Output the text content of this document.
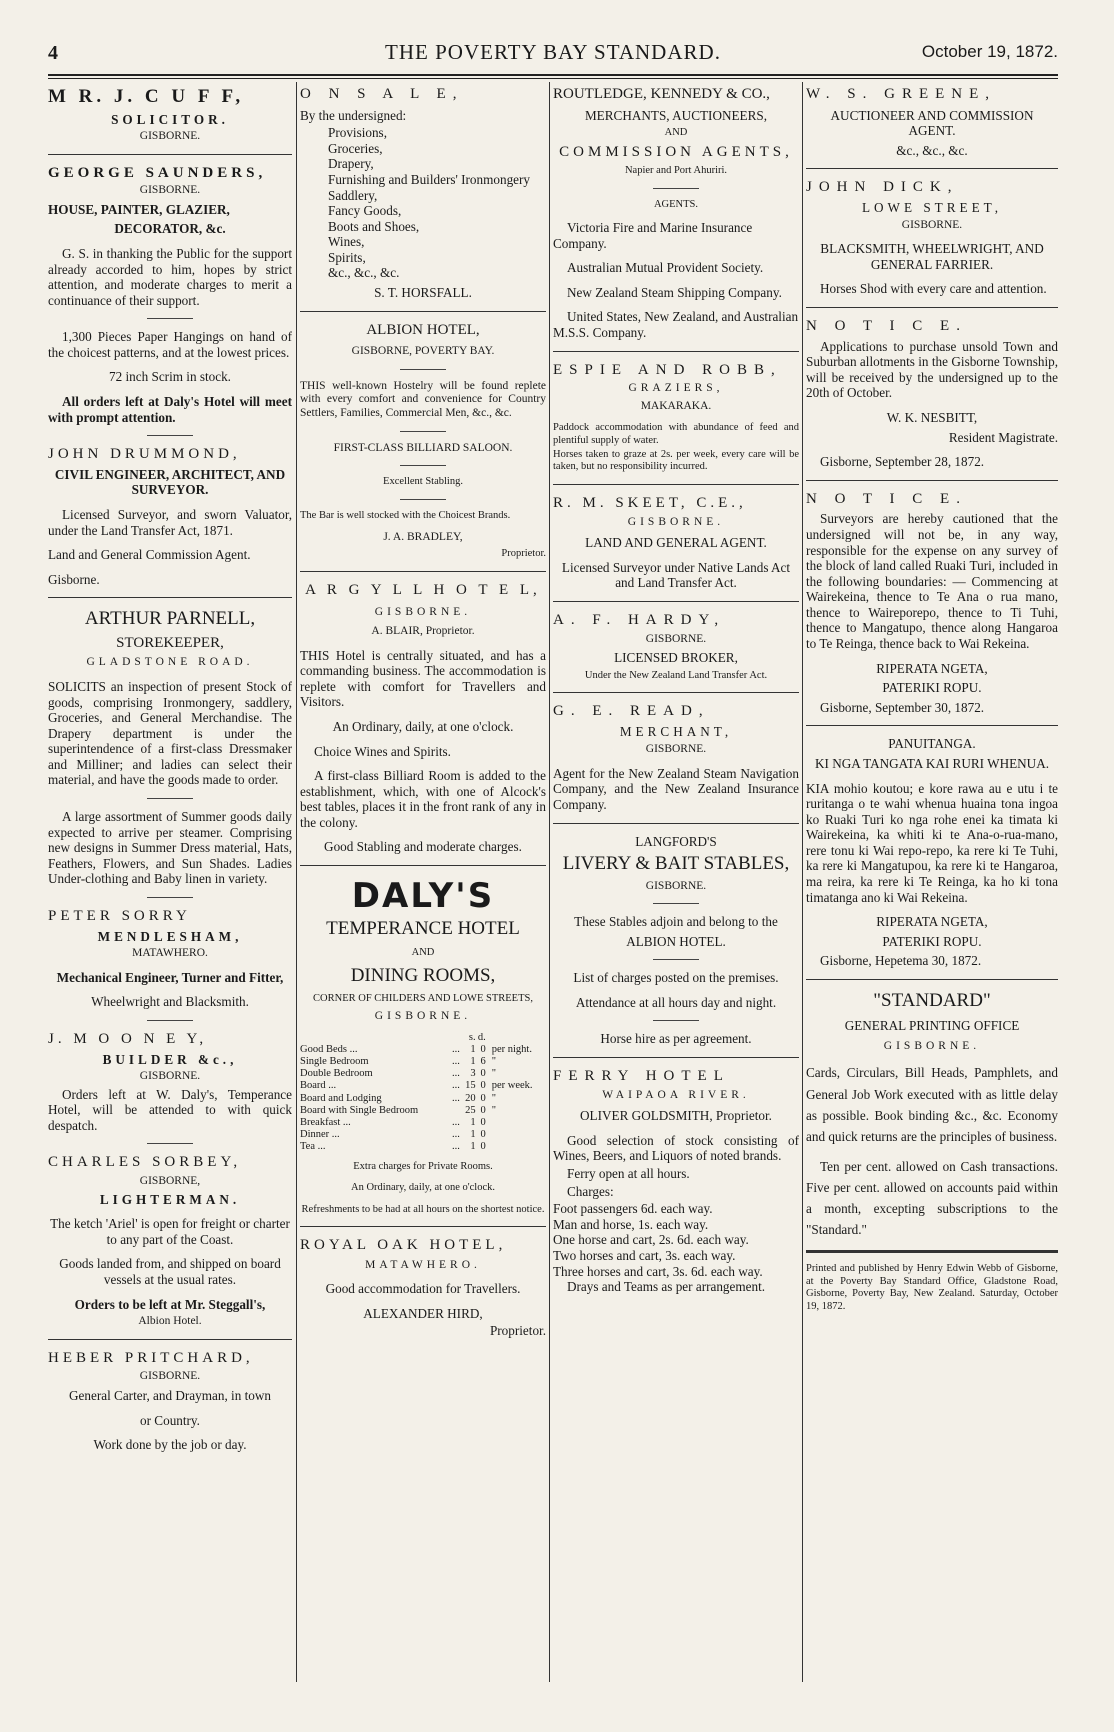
4	THE POVERTY BAY STANDARD.	October 19, 1872.

M R. J. C U F F,

SOLICITOR.

GISBORNE.

GEORGE SAUNDERS,

GISBORNE.

HOUSE, PAINTER, GLAZIER,

DECORATOR, &c.

G. S. in thanking the Public for the support already accorded to him, hopes by strict attention, and moderate charges to merit a continuance of their support.

1,300 Pieces Paper Hangings on hand of the choicest patterns, and at the lowest prices.

72 inch Scrim in stock.

All orders left at Daly's Hotel will meet with prompt attention.

JOHN DRUMMOND,

CIVIL ENGINEER, ARCHITECT, AND SURVEYOR.

Licensed Surveyor, and sworn Valuator, under the Land Transfer Act, 1871.

Land and General Commission Agent.

Gisborne.

ARTHUR PARNELL,

STOREKEEPER,

GLADSTONE ROAD.

SOLICITS an inspection of present Stock of goods, comprising Ironmongery, saddlery, Groceries, and General Merchandise. The Drapery department is under the superintendence of a first-class Dressmaker and Milliner; and ladies can select their material, and have the goods made to order.

A large assortment of Summer goods daily expected to arrive per steamer. Comprising new designs in Summer Dress material, Hats, Feathers, Flowers, and Sun Shades. Ladies Under-clothing and Baby linen in variety.

PETER SORRY

MENDLESHAM,

MATAWHERO.

Mechanical Engineer, Turner and Fitter,

Wheelwright and Blacksmith.

J. M O O N E Y,

BUILDER &c.,

GISBORNE.

Orders left at W. Daly's, Temperance Hotel, will be attended to with quick despatch.

CHARLES SORBEY,

GISBORNE,

LIGHTERMAN.

The ketch 'Ariel' is open for freight or charter to any part of the Coast.

Goods landed from, and shipped on board vessels at the usual rates.

Orders to be left at Mr. Steggall's,

Albion Hotel.

HEBER PRITCHARD,

GISBORNE.

General Carter, and Drayman, in town

or Country.

Work done by the job or day.

O N S A L E,

By the undersigned:

Provisions,

Groceries,

Drapery,

Furnishing and Builders' Ironmongery

Saddlery,

Fancy Goods,

Boots and Shoes,

Wines,

Spirits,

&c., &c., &c.

S. T. HORSFALL.

ALBION HOTEL,

GISBORNE, POVERTY BAY.

THIS well-known Hostelry will be found replete with every comfort and convenience for Country Settlers, Families, Commercial Men, &c., &c.

FIRST-CLASS BILLIARD SALOON.

Excellent Stabling.

The Bar is well stocked with the Choicest Brands.

J. A. BRADLEY,

Proprietor.

A R G Y L L H O T E L,

GISBORNE.

A. BLAIR, Proprietor.

THIS Hotel is centrally situated, and has a commanding business. The accommodation is replete with comfort for Travellers and Visitors.

An Ordinary, daily, at one o'clock.

Choice Wines and Spirits.

A first-class Billiard Room is added to the establishment, which, with one of Alcock's best tables, places it in the front rank of any in the colony.

Good Stabling and moderate charges.

DALY'S

TEMPERANCE HOTEL

AND

DINING ROOMS,

CORNER OF CHILDERS AND LOWE STREETS,

GISBORNE.

		s.	d.	
Good Beds ...	...	1	0	per night.
Single Bedroom	...	1	6	"
Double Bedroom	...	3	0	"
Board ...	...	15	0	per week.
Board and Lodging	...	20	0	"
Board with Single Bedroom		25	0	"
Breakfast ...	...	1	0	
Dinner ...	...	1	0	
Tea ...	...	1	0	

Extra charges for Private Rooms.

An Ordinary, daily, at one o'clock.

Refreshments to be had at all hours on the shortest notice.

ROYAL OAK HOTEL,

MATAWHERO.

Good accommodation for Travellers.

ALEXANDER HIRD,

Proprietor.

ROUTLEDGE, KENNEDY & CO.,

MERCHANTS, AUCTIONEERS,

AND

COMMISSION AGENTS,

Napier and Port Ahuriri.

AGENTS.

Victoria Fire and Marine Insurance Company.

Australian Mutual Provident Society.

New Zealand Steam Shipping Company.

United States, New Zealand, and Australian M.S.S. Company.

ESPIE AND ROBB,

GRAZIERS,

MAKARAKA.

Paddock accommodation with abundance of feed and plentiful supply of water.

Horses taken to graze at 2s. per week, every care will be taken, but no responsibility incurred.

R. M. SKEET, C.E.,

GISBORNE.

LAND AND GENERAL AGENT.

Licensed Surveyor under Native Lands Act and Land Transfer Act.

A. F. HARDY,

GISBORNE.

LICENSED BROKER,

Under the New Zealand Land Transfer Act.

G. E. READ,

MERCHANT,

GISBORNE.

Agent for the New Zealand Steam Navigation Company, and the New Zealand Insurance Company.

LANGFORD'S

LIVERY & BAIT STABLES,

GISBORNE.

These Stables adjoin and belong to the

ALBION HOTEL.

List of charges posted on the premises.

Attendance at all hours day and night.

Horse hire as per agreement.

FERRY HOTEL

WAIPAOA RIVER.

OLIVER GOLDSMITH, Proprietor.

Good selection of stock consisting of Wines, Beers, and Liquors of noted brands.

Ferry open at all hours.

Charges:

Foot passengers 6d. each way.

Man and horse, 1s. each way.

One horse and cart, 2s. 6d. each way.

Two horses and cart, 3s. each way.

Three horses and cart, 3s. 6d. each way.

Drays and Teams as per arrangement.

W. S. GREENE,

AUCTIONEER AND COMMISSION AGENT.

&c., &c., &c.

JOHN DICK,

LOWE STREET,

GISBORNE.

BLACKSMITH, WHEELWRIGHT, AND GENERAL FARRIER.

Horses Shod with every care and attention.

N O T I C E.

Applications to purchase unsold Town and Suburban allotments in the Gisborne Township, will be received by the undersigned up to the 20th of October.

W. K. NESBITT,

Resident Magistrate.

Gisborne, September 28, 1872.

N O T I C E.

Surveyors are hereby cautioned that the undersigned will not be, in any way, responsible for the expense on any survey of the block of land called Ruaki Turi, included in the following boundaries: — Commencing at Wairekeina, thence to Te Ana o rua mano, thence to Waireporepo, thence to Ti Tuhi, thence to Mangatupo, thence along Hangaroa to Te Reinga, thence back to Wai Rekeina.

RIPERATA NGETA,

PATERIKI ROPU.

Gisborne, September 30, 1872.

PANUITANGA.

KI NGA TANGATA KAI RURI WHENUA.

KIA mohio koutou; e kore rawa au e utu i te ruritanga o te wahi whenua huaina tona ingoa ko Ruaki Turi ko nga rohe enei ka timata ki Wairekeina, ka whiti ki te Ana-o-rua-mano, rere tonu ki Wai repo-repo, ka rere ki Te Tuhi, ka rere ki Mangatupou, ka rere ki te Hangaroa, ma reira, ka rere ki Te Reinga, ka ho ki tona timatanga ano ki Wai Rekeina.

RIPERATA NGETA,

PATERIKI ROPU.

Gisborne, Hepetema 30, 1872.

"STANDARD"

GENERAL PRINTING OFFICE

GISBORNE.

Cards, Circulars, Bill Heads, Pamphlets, and General Job Work executed with as little delay as possible. Book binding &c., &c. Economy and quick returns are the principles of business.

Ten per cent. allowed on Cash transactions. Five per cent. allowed on accounts paid within a month, excepting subscriptions to the "Standard."

Printed and published by Henry Edwin Webb of Gisborne, at the Poverty Bay Standard Office, Gladstone Road, Gisborne, Poverty Bay, New Zealand. Saturday, October 19, 1872.
